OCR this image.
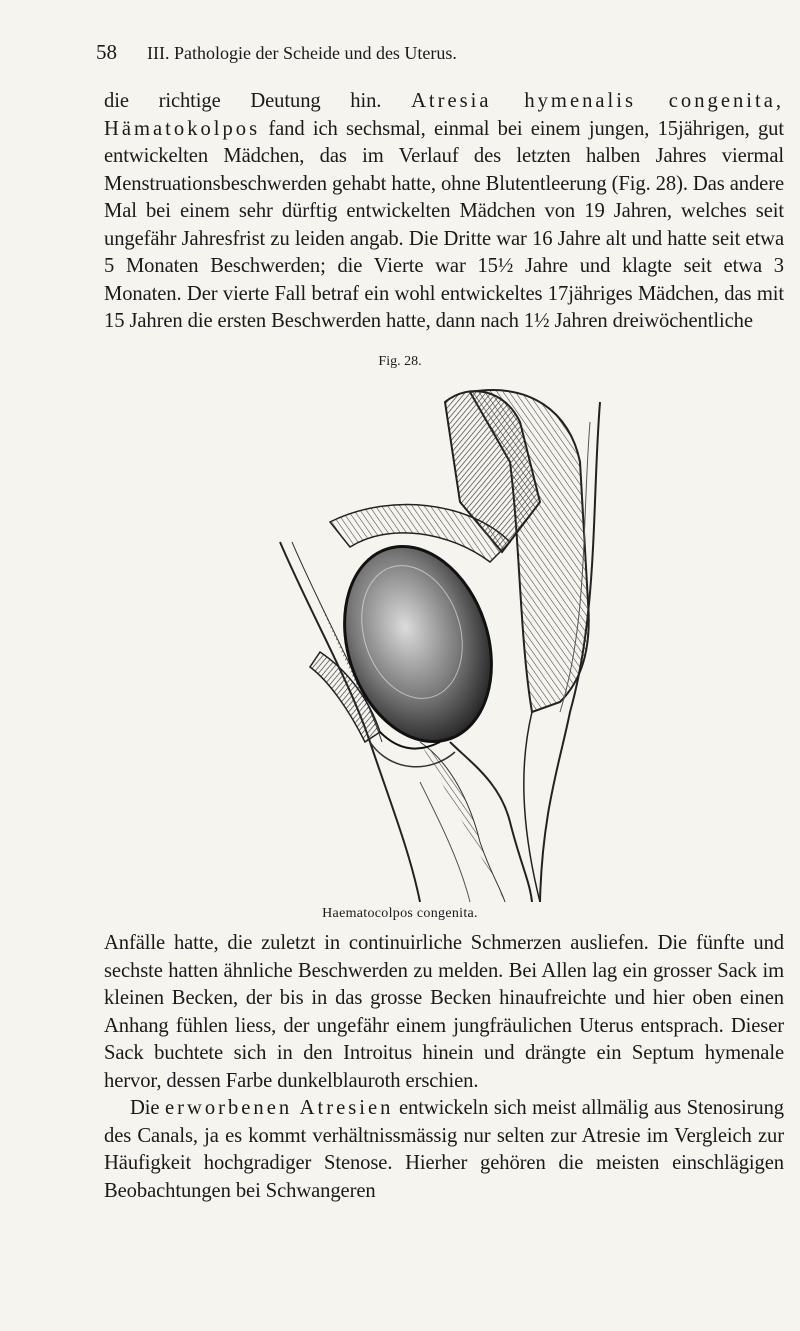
58 III. Pathologie der Scheide und des Uterus.

die richtige Deutung hin. Atresia hymenalis congenita, Hämatokolpos fand ich sechsmal, einmal bei einem jungen, 15jährigen, gut entwickelten Mädchen, das im Verlauf des letzten halben Jahres viermal Menstruationsbeschwerden gehabt hatte, ohne Blutentleerung (Fig. 28). Das andere Mal bei einem sehr dürftig entwickelten Mädchen von 19 Jahren, welches seit ungefähr Jahresfrist zu leiden angab. Die Dritte war 16 Jahre alt und hatte seit etwa 5 Monaten Beschwerden; die Vierte war 15½ Jahre und klagte seit etwa 3 Monaten. Der vierte Fall betraf ein wohl entwickeltes 17jähriges Mädchen, das mit 15 Jahren die ersten Beschwerden hatte, dann nach 1½ Jahren dreiwöchentliche

Fig. 28.
Haematocolpos congenita.

Anfälle hatte, die zuletzt in continuirliche Schmerzen ausliefen. Die fünfte und sechste hatten ähnliche Beschwerden zu melden. Bei Allen lag ein grosser Sack im kleinen Becken, der bis in das grosse Becken hinaufreichte und hier oben einen Anhang fühlen liess, der ungefähr einem jungfräulichen Uterus entsprach. Dieser Sack buchtete sich in den Introitus hinein und drängte ein Septum hymenale hervor, dessen Farbe dunkelblauroth erschien.

Die erworbenen Atresien entwickeln sich meist allmälig aus Stenosirung des Canals, ja es kommt verhältnissmässig nur selten zur Atresie im Vergleich zur Häufigkeit hochgradiger Stenose. Hierher gehören die meisten einschlägigen Beobachtungen bei Schwangeren
